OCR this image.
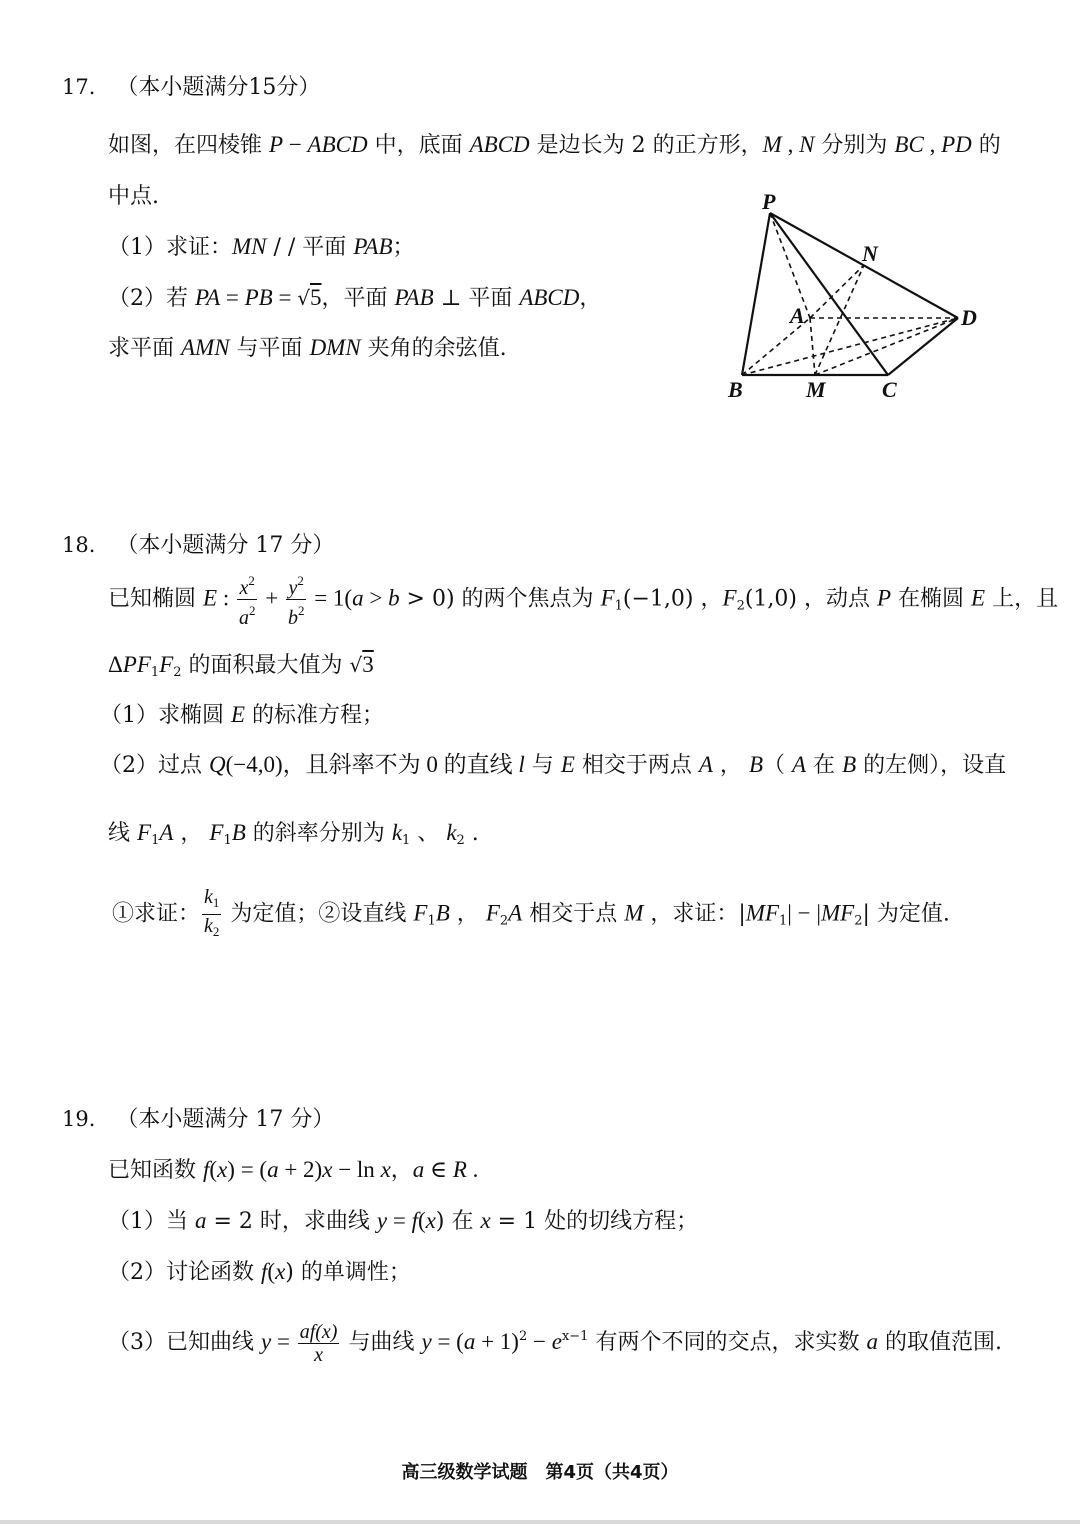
17. （本小题满分15分）
如图，在四棱锥 P − ABCD 中，底面 ABCD 是边长为 2 的正方形，M , N 分别为 BC , PD 的
中点.
（1）求证：MN / / 平面 PAB；
（2）若 PA = PB = √5，平面 PAB ⊥ 平面 ABCD，
求平面 AMN 与平面 DMN 夹角的余弦值.
P
N
A	D
B	M	C
18. （本小题满分 17 分）
已知椭圆 E : $\frac{x^2}{a^2} + \frac{y^2}{b^2} = 1(a > b > 0)$ 的两个焦点为 $F_1(-1,0)$ ，$F_2(1,0)$ ，动点 P 在椭圆 E 上，且
$\Delta PF_1F_2$ 的面积最大值为 √3
（1）求椭圆 E 的标准方程；
（2）过点 Q(−4,0)，且斜率不为 0 的直线 l 与 E 相交于两点 A ， B（ A 在 B 的左侧），设直
线 $F_1A$ ， $F_1B$ 的斜率分别为 $k_1$ 、 $k_2$ .
①求证： $\frac{k_1}{k_2}$ 为定值；②设直线 $F_1B$ ， $F_2A$ 相交于点 M ，求证：$|MF_1| - |MF_2|$ 为定值.
19. （本小题满分 17 分）
已知函数 f(x) = (a + 2)x − ln x，a ∈ R .
（1）当 a = 2 时，求曲线 y = f(x) 在 x = 1 处的切线方程；
（2）讨论函数 f(x) 的单调性；
（3）已知曲线 $y = \frac{af(x)}{x}$ 与曲线 $y = (a + 1)^2 - e^{x-1}$ 有两个不同的交点，求实数 a 的取值范围.
高三级数学试题　第4页（共4页）
